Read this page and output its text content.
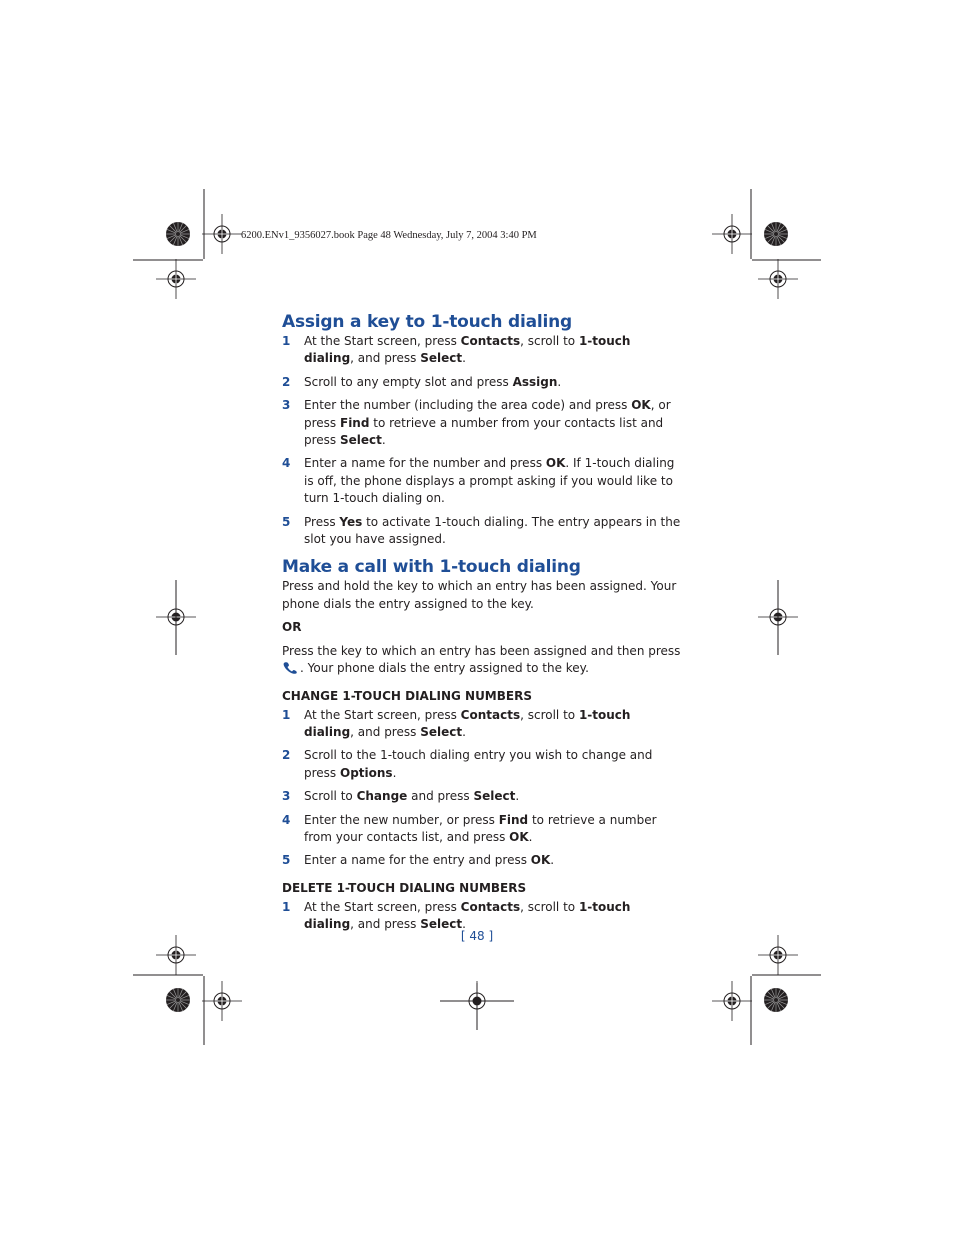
6200.ENv1_9356027.book Page 48 Wednesday, July 7, 2004 3:40 PM
Assign a key to 1-touch dialing
1	At the Start screen, press Contacts, scroll to 1-touch dialing, and press Select.
2	Scroll to any empty slot and press Assign.
3	Enter the number (including the area code) and press OK, or press Find to retrieve a number from your contacts list and press Select.
4	Enter a name for the number and press OK. If 1-touch dialing is off, the phone displays a prompt asking if you would like to turn 1-touch dialing on.
5	Press Yes to activate 1-touch dialing. The entry appears in the slot you have assigned.
Make a call with 1-touch dialing

Press and hold the key to which an entry has been assigned. Your phone dials the entry assigned to the key.

OR

Press the key to which an entry has been assigned and then press . Your phone dials the entry assigned to the key.

CHANGE 1-TOUCH DIALING NUMBERS
1	At the Start screen, press Contacts, scroll to 1-touch dialing, and press Select.
2	Scroll to the 1-touch dialing entry you wish to change and press Options.
3	Scroll to Change and press Select.
4	Enter the new number, or press Find to retrieve a number from your contacts list, and press OK.
5	Enter a name for the entry and press OK.
DELETE 1-TOUCH DIALING NUMBERS
1	At the Start screen, press Contacts, scroll to 1-touch dialing, and press Select.
[ 48 ]
